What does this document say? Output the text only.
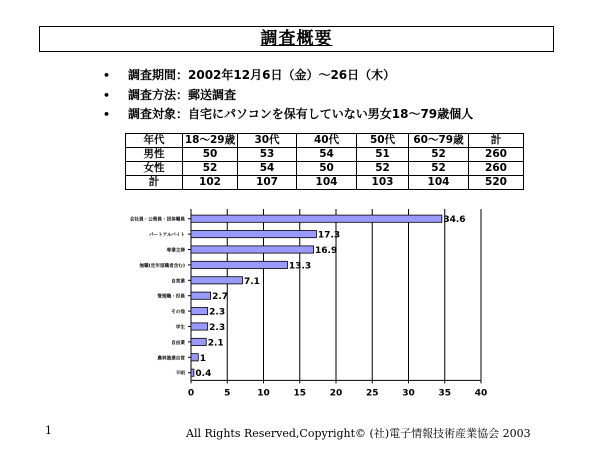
調査概要
• 調査期間：2002年12月6日（金）～26日（木）
• 調査方法：郵送調査
• 調査対象：自宅にパソコンを保有していない男女18～79歳個人
年代	18～29歳	30代	40代	50代	60～79歳	計
男性	50	53	54	51	52	260
女性	52	54	50	52	52	260
計	102	107	104	103	104	520
0	5	10	15	20	25	30	35	40
会社員・公務員・団体職員	34.6
パートアルバイト	17.3
専業主婦	16.9
無職(定年退職者含む)	13.3
自営業	7.1
管理職・役員	2.7
その他	2.3
学生	2.3
自由業	2.1
農林漁業自営 1
不明 0.4
1	All Rights Reserved,Copyright© (社)電子情報技術産業協会 2003
